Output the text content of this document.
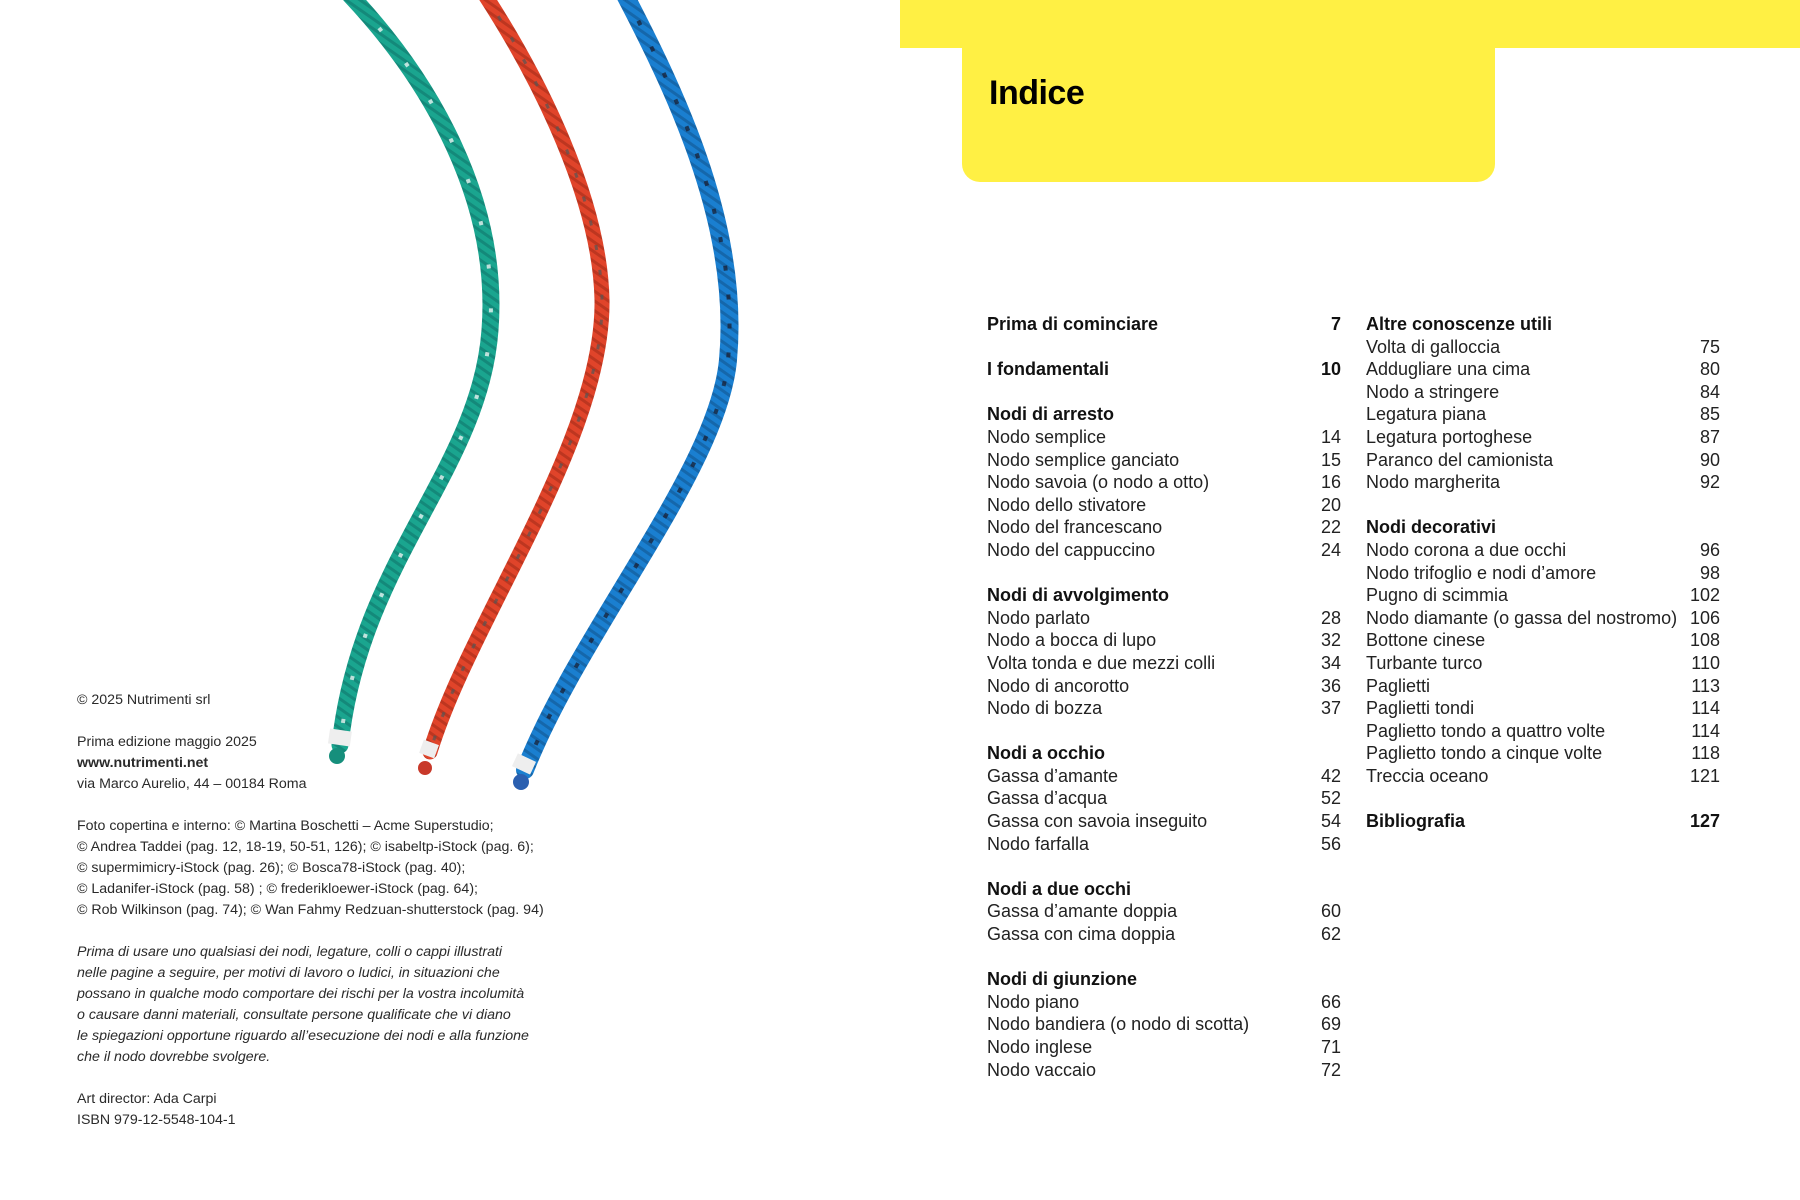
© 2025 Nutrimenti srl

Prima edizione maggio 2025

www.nutrimenti.net

via Marco Aurelio, 44 – 00184 Roma

Foto copertina e interno: © Martina Boschetti – Acme Superstudio;

© Andrea Taddei (pag. 12, 18-19, 50-51, 126); © isabeltp-iStock (pag. 6);

© supermimicry-iStock (pag. 26); © Bosca78-iStock (pag. 40);

© Ladanifer-iStock (pag. 58) ; © frederikloewer-iStock (pag. 64);

© Rob Wilkinson (pag. 74); © Wan Fahmy Redzuan-shutterstock (pag. 94)

Prima di usare uno qualsiasi dei nodi, legature, colli o cappi illustrati

nelle pagine a seguire, per motivi di lavoro o ludici, in situazioni che

possano in qualche modo comportare dei rischi per la vostra incolumità

o causare danni materiali, consultate persone qualificate che vi diano

le spiegazioni opportune riguardo all’esecuzione dei nodi e alla funzione

che il nodo dovrebbe svolgere.

Art director: Ada Carpi

ISBN 979-12-5548-104-1

Indice
Prima di cominciare	7
I fondamentali	10
Nodi di arresto
Nodo semplice	14
Nodo semplice ganciato	15
Nodo savoia (o nodo a otto)	16
Nodo dello stivatore	20
Nodo del francescano	22
Nodo del cappuccino	24
Nodi di avvolgimento
Nodo parlato	28
Nodo a bocca di lupo	32
Volta tonda e due mezzi colli	34
Nodo di ancorotto	36
Nodo di bozza	37
Nodi a occhio
Gassa d’amante	42
Gassa d’acqua	52
Gassa con savoia inseguito	54
Nodo farfalla	56
Nodi a due occhi
Gassa d’amante doppia	60
Gassa con cima doppia	62
Nodi di giunzione
Nodo piano	66
Nodo bandiera (o nodo di scotta)	69
Nodo inglese	71
Nodo vaccaio	72
Altre conoscenze utili
Volta di galloccia	75
Addugliare una cima	80
Nodo a stringere	84
Legatura piana	85
Legatura portoghese	87
Paranco del camionista	90
Nodo margherita	92
Nodi decorativi
Nodo corona a due occhi	96
Nodo trifoglio e nodi d’amore	98
Pugno di scimmia	102
Nodo diamante (o gassa del nostromo) 106
Bottone cinese	108
Turbante turco	110
Paglietti	113
Paglietti tondi	114
Paglietto tondo a quattro volte	114
Paglietto tondo a cinque volte	118
Treccia oceano	121
Bibliografia	127
